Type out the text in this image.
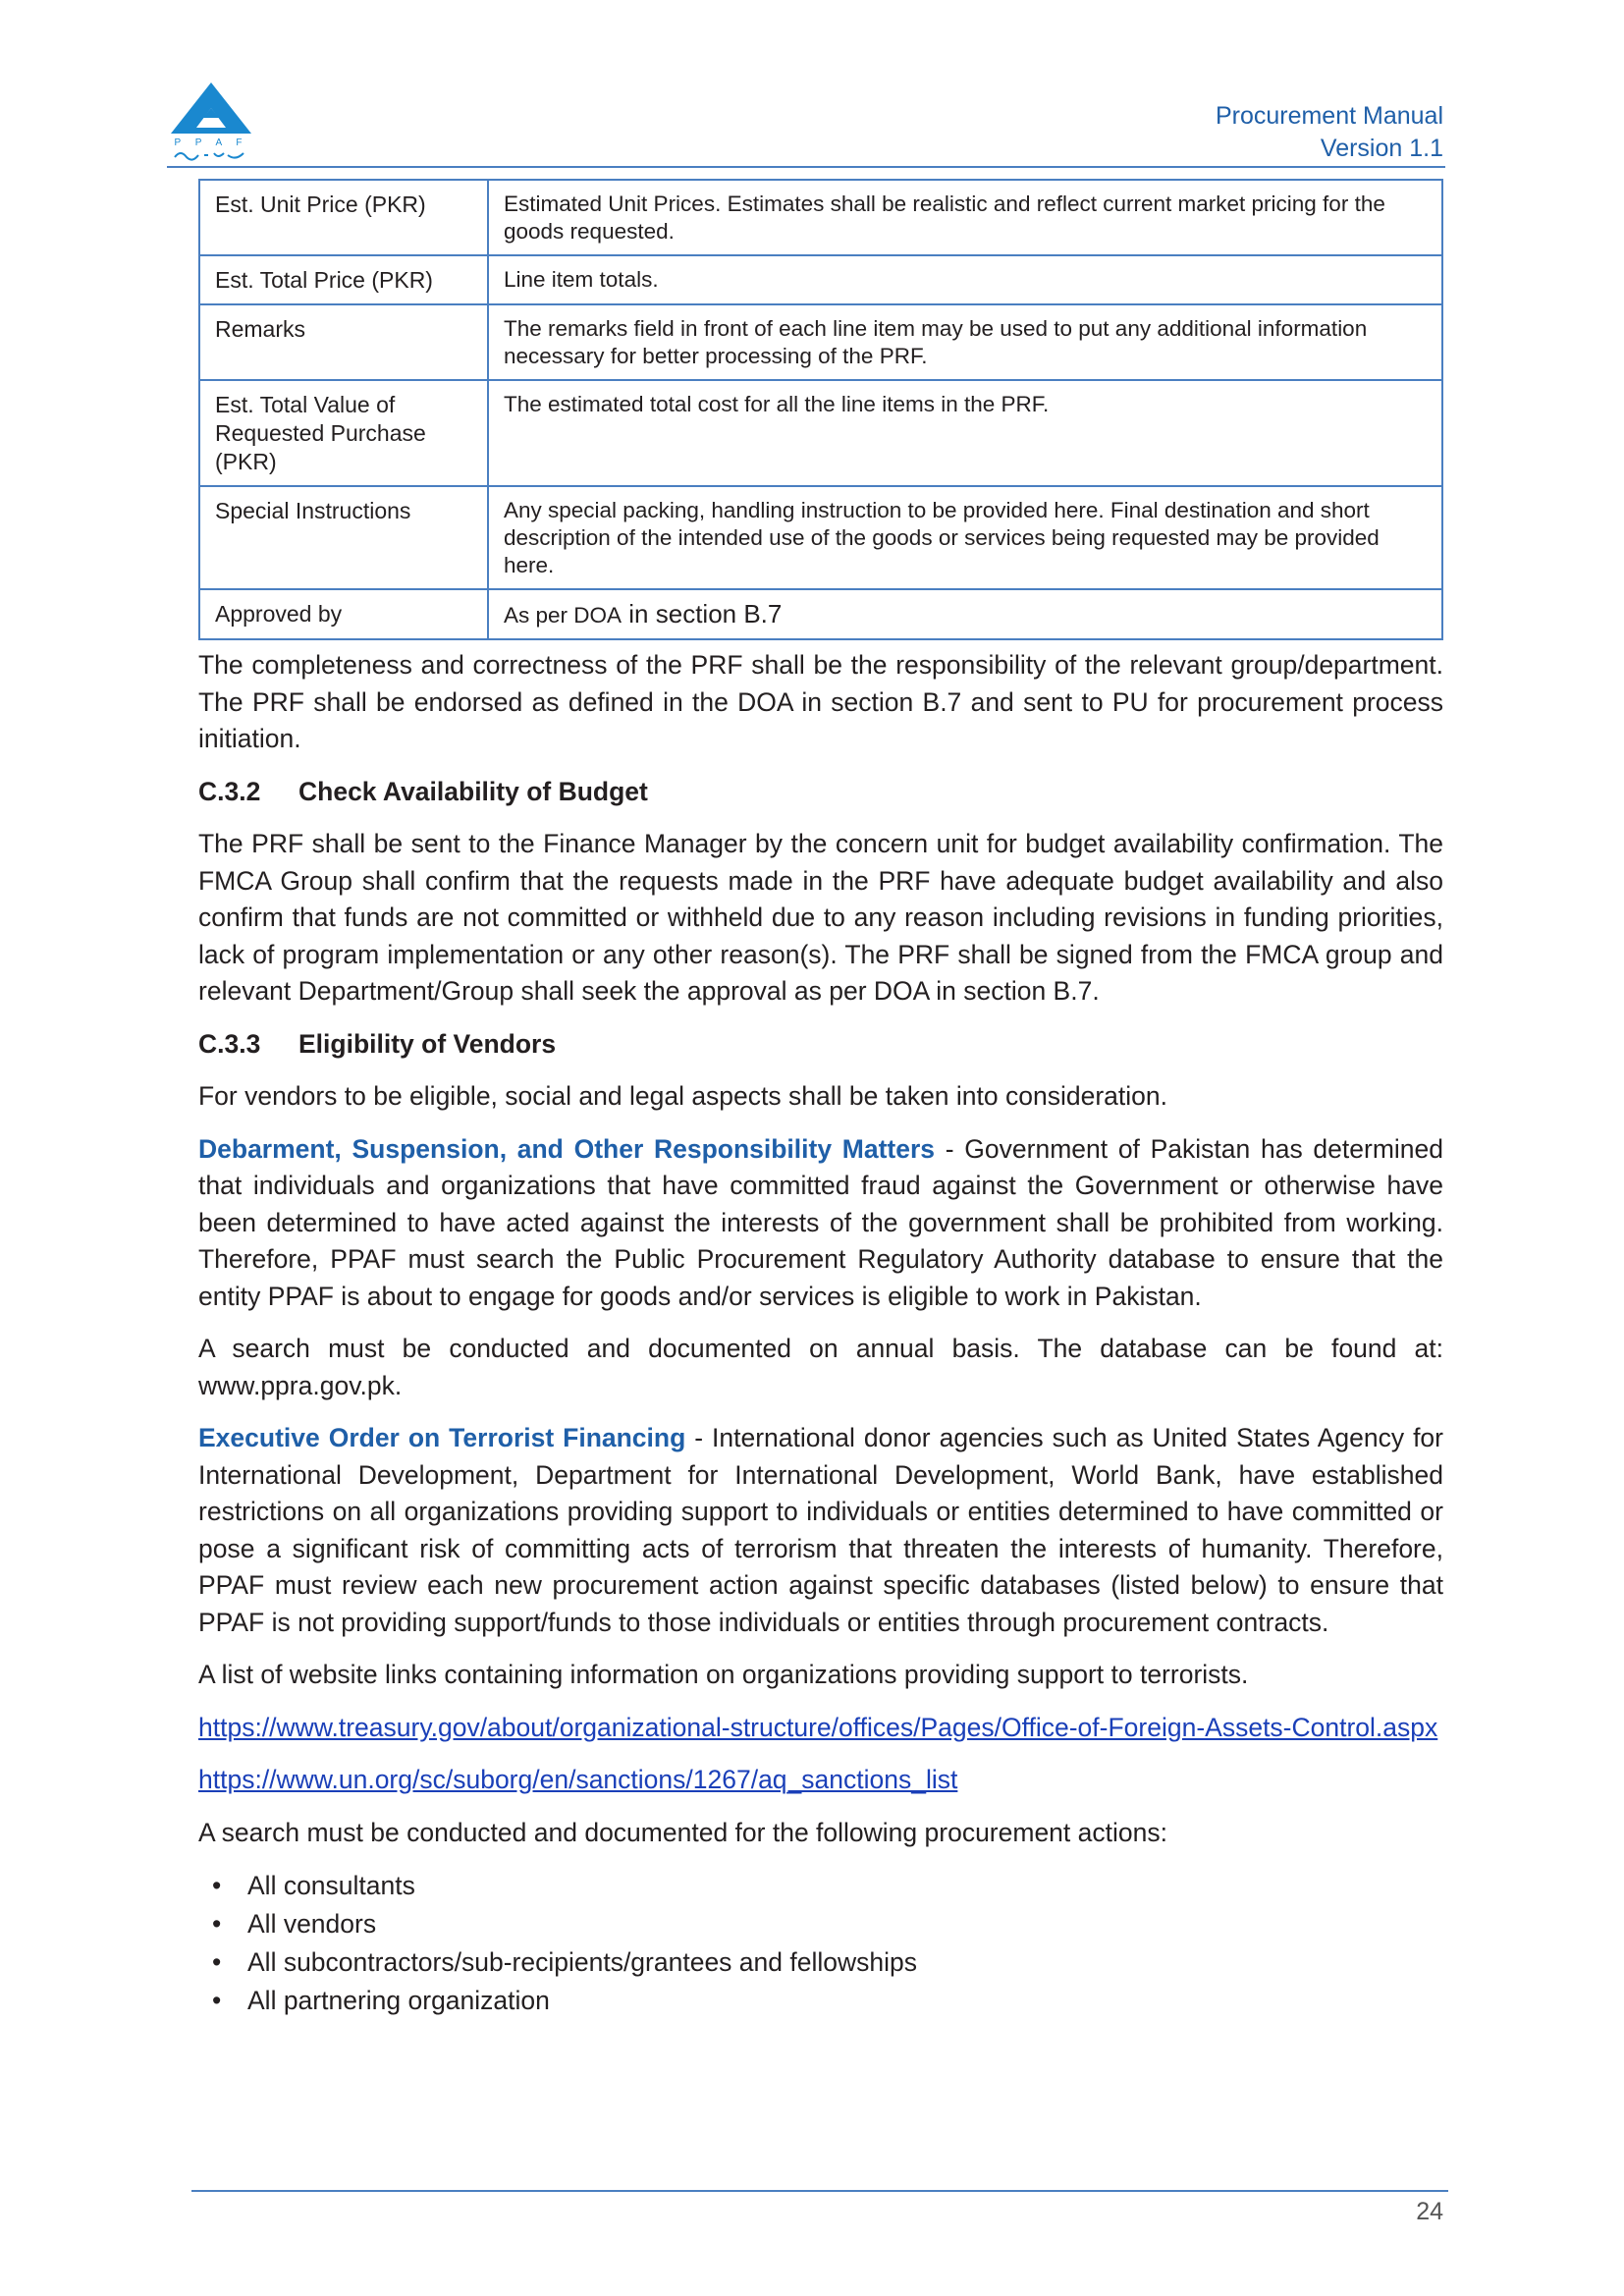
P P A F
Procurement Manual
Version 1.1
Est. Unit Price (PKR)	Estimated Unit Prices. Estimates shall be realistic and reflect current market pricing for the goods requested.
Est. Total Price (PKR)	Line item totals.
Remarks	The remarks field in front of each line item may be used to put any additional information necessary for better processing of the PRF.
Est. Total Value of Requested Purchase (PKR)	The estimated total cost for all the line items in the PRF.
Special Instructions	Any special packing, handling instruction to be provided here. Final destination and short description of the intended use of the goods or services being requested may be provided here.
Approved by	As per DOA in section B.7

The completeness and correctness of the PRF shall be the responsibility of the relevant group/department. The PRF shall be endorsed as defined in the DOA in section B.7 and sent to PU for procurement process initiation.

C.3.2 Check Availability of Budget

The PRF shall be sent to the Finance Manager by the concern unit for budget availability confirmation. The FMCA Group shall confirm that the requests made in the PRF have adequate budget availability and also confirm that funds are not committed or withheld due to any reason including revisions in funding priorities, lack of program implementation or any other reason(s). The PRF shall be signed from the FMCA group and relevant Department/Group shall seek the approval as per DOA in section B.7.

C.3.3 Eligibility of Vendors

For vendors to be eligible, social and legal aspects shall be taken into consideration.

Debarment, Suspension, and Other Responsibility Matters - Government of Pakistan has determined that individuals and organizations that have committed fraud against the Government or otherwise have been determined to have acted against the interests of the government shall be prohibited from working. Therefore, PPAF must search the Public Procurement Regulatory Authority database to ensure that the entity PPAF is about to engage for goods and/or services is eligible to work in Pakistan.

A search must be conducted and documented on annual basis. The database can be found at: www.ppra.gov.pk.

Executive Order on Terrorist Financing - International donor agencies such as United States Agency for International Development, Department for International Development, World Bank, have established restrictions on all organizations providing support to individuals or entities determined to have committed or pose a significant risk of committing acts of terrorism that threaten the interests of humanity. Therefore, PPAF must review each new procurement action against specific databases (listed below) to ensure that PPAF is not providing support/funds to those individuals or entities through procurement contracts.

A list of website links containing information on organizations providing support to terrorists.

https://www.treasury.gov/about/organizational-structure/offices/Pages/Office-of-Foreign-Assets-Control.aspx

https://www.un.org/sc/suborg/en/sanctions/1267/aq_sanctions_list

A search must be conducted and documented for the following procurement actions:

• All consultants
• All vendors
• All subcontractors/sub-recipients/grantees and fellowships
• All partnering organization
24
